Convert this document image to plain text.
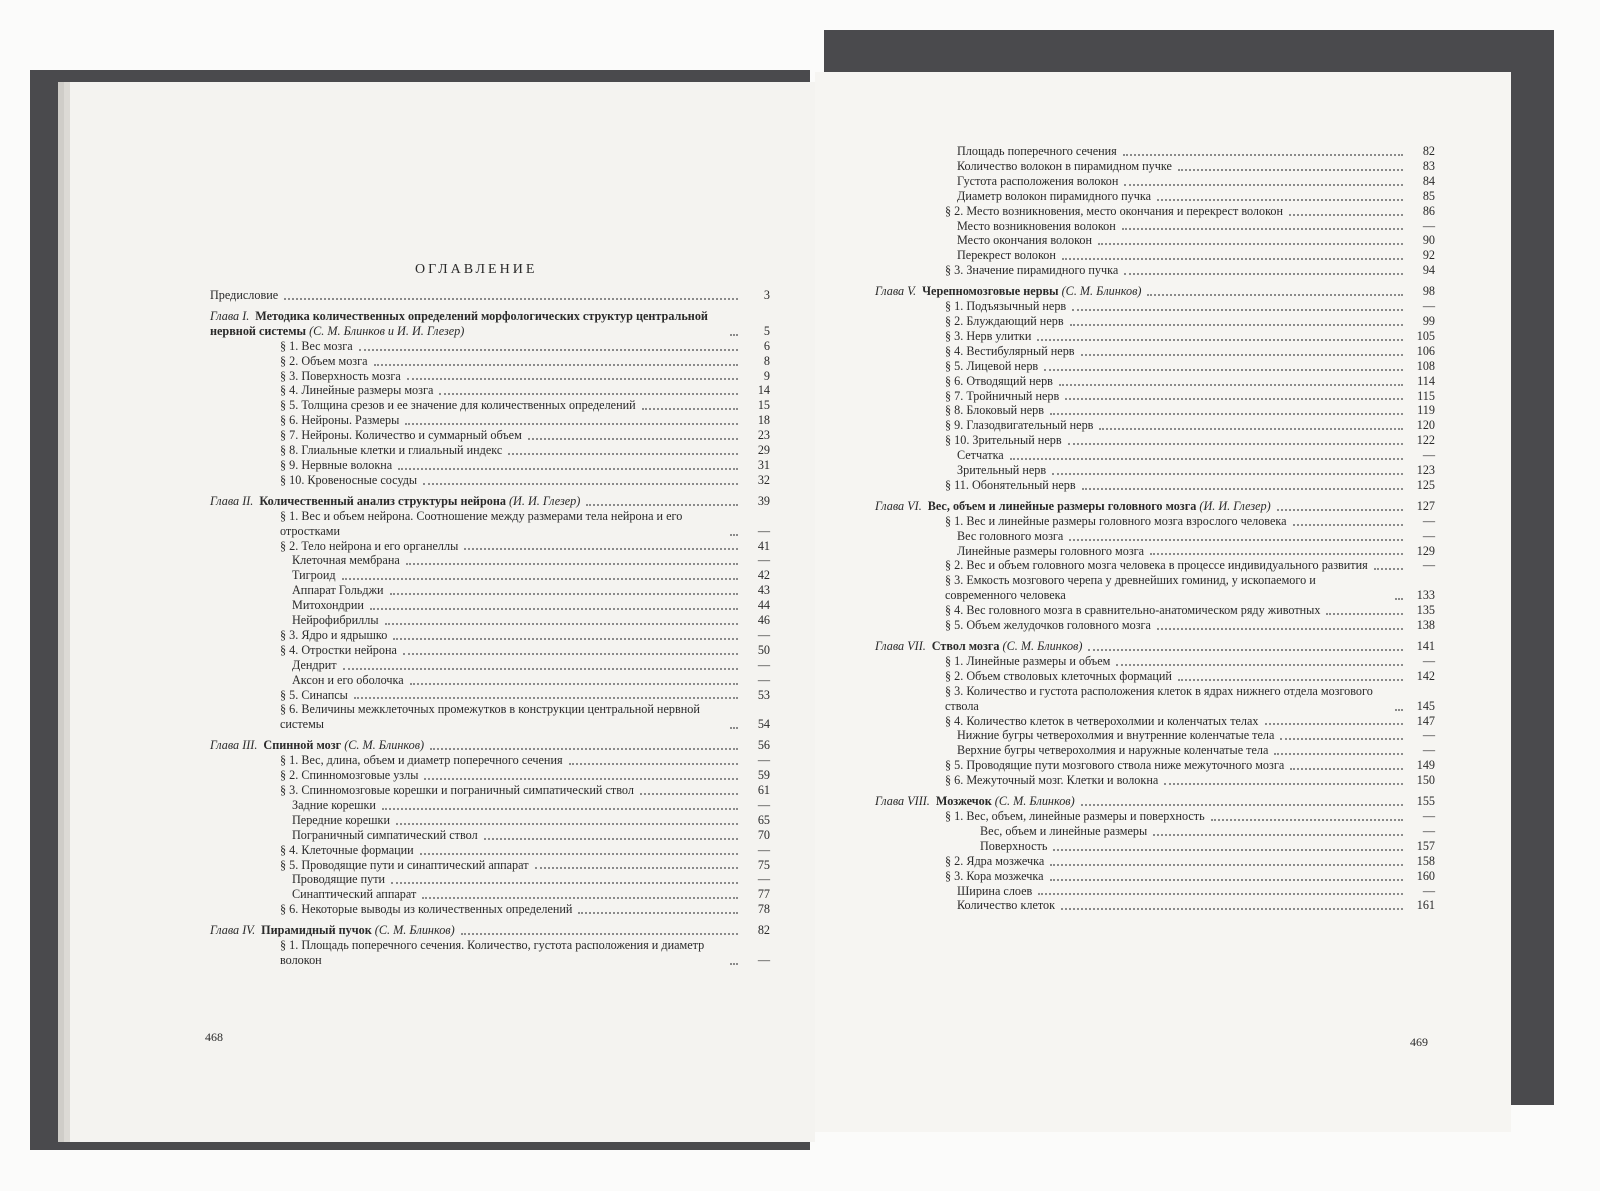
ОГЛАВЛЕНИЕ
Предисловие	3
Глава I. Методика количественных определений морфологических структур центральной нервной системы (С. М. Блинков и И. И. Глезер)	5
§ 1. Вес мозга	6
§ 2. Объем мозга	8
§ 3. Поверхность мозга	9
§ 4. Линейные размеры мозга	14
§ 5. Толщина срезов и ее значение для количественных определений	15
§ 6. Нейроны. Размеры	18
§ 7. Нейроны. Количество и суммарный объем	23
§ 8. Глиальные клетки и глиальный индекс	29
§ 9. Нервные волокна	31
§ 10. Кровеносные сосуды	32
Глава II. Количественный анализ структуры нейрона (И. И. Глезер)	39
§ 1. Вес и объем нейрона. Соотношение между размерами тела нейрона и его отростками	—
§ 2. Тело нейрона и его органеллы	41
Клеточная мембрана	—
Тигроид	42
Аппарат Гольджи	43
Митохондрии	44
Нейрофибриллы	46
§ 3. Ядро и ядрышко	—
§ 4. Отростки нейрона	50
Дендрит	—
Аксон и его оболочка	—
§ 5. Синапсы	53
§ 6. Величины межклеточных промежутков в конструкции центральной нервной системы	54
Глава III. Спинной мозг (С. М. Блинков)	56
§ 1. Вес, длина, объем и диаметр поперечного сечения	—
§ 2. Спинномозговые узлы	59
§ 3. Спинномозговые корешки и пограничный симпатический ствол	61
Задние корешки	—
Передние корешки	65
Пограничный симпатический ствол	70
§ 4. Клеточные формации	—
§ 5. Проводящие пути и синаптический аппарат	75
Проводящие пути	—
Синаптический аппарат	77
§ 6. Некоторые выводы из количественных определений	78
Глава IV. Пирамидный пучок (С. М. Блинков)	82
§ 1. Площадь поперечного сечения. Количество, густота расположения и диаметр волокон	—
Площадь поперечного сечения	82
Количество волокон в пирамидном пучке	83
Густота расположения волокон	84
Диаметр волокон пирамидного пучка	85
§ 2. Место возникновения, место окончания и перекрест волокон	86
Место возникновения волокон	—
Место окончания волокон	90
Перекрест волокон	92
§ 3. Значение пирамидного пучка	94
Глава V. Черепномозговые нервы (С. М. Блинков)	98
§ 1. Подъязычный нерв	—
§ 2. Блуждающий нерв	99
§ 3. Нерв улитки	105
§ 4. Вестибулярный нерв	106
§ 5. Лицевой нерв	108
§ 6. Отводящий нерв	114
§ 7. Тройничный нерв	115
§ 8. Блоковый нерв	119
§ 9. Глазодвигательный нерв	120
§ 10. Зрительный нерв	122
Сетчатка	—
Зрительный нерв	123
§ 11. Обонятельный нерв	125
Глава VI. Вес, объем и линейные размеры головного мозга (И. И. Глезер)	127
§ 1. Вес и линейные размеры головного мозга взрослого человека	—
Вес головного мозга	—
Линейные размеры головного мозга	129
§ 2. Вес и объем головного мозга человека в процессе индивидуального развития	—
§ 3. Емкость мозгового черепа у древнейших гоминид, у ископаемого и современного человека	133
§ 4. Вес головного мозга в сравнительно-анатомическом ряду животных	135
§ 5. Объем желудочков головного мозга	138
Глава VII. Ствол мозга (С. М. Блинков)	141
§ 1. Линейные размеры и объем	—
§ 2. Объем стволовых клеточных формаций	142
§ 3. Количество и густота расположения клеток в ядрах нижнего отдела мозгового ствола	145
§ 4. Количество клеток в четверохолмии и коленчатых телах	147
Нижние бугры четверохолмия и внутренние коленчатые тела	—
Верхние бугры четверохолмия и наружные коленчатые тела	—
§ 5. Проводящие пути мозгового ствола ниже межуточного мозга	149
§ 6. Межуточный мозг. Клетки и волокна	150
Глава VIII. Мозжечок (С. М. Блинков)	155
§ 1. Вес, объем, линейные размеры и поверхность	—
Вес, объем и линейные размеры	—
Поверхность	157
§ 2. Ядра мозжечка	158
§ 3. Кора мозжечка	160
Ширина слоев	—
Количество клеток	161
468	469
